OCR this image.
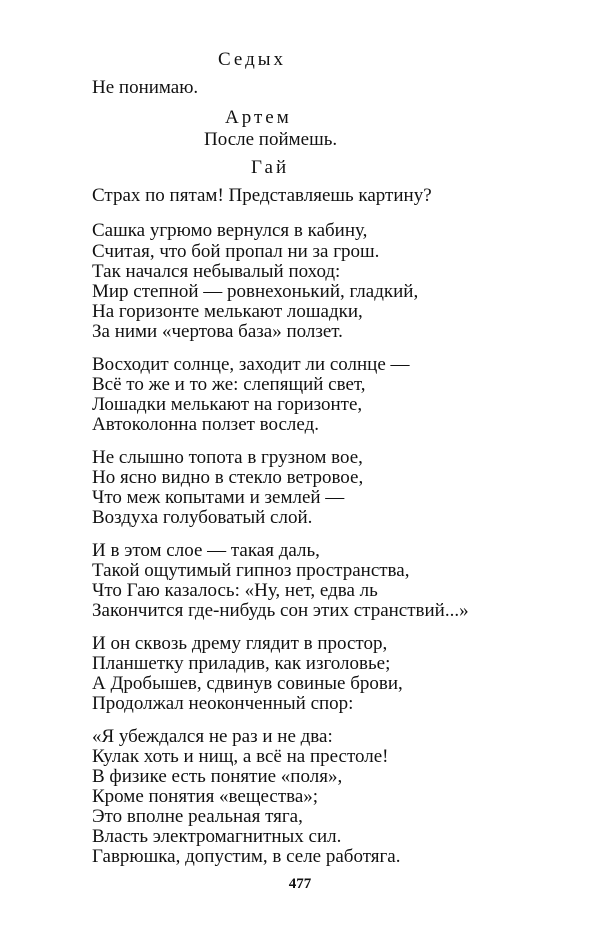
Седых
Не понимаю.
Артем
После поймешь.
Гай
Страх по пятам! Представляешь картину?
Сашка угрюмо вернулся в кабину,
Считая, что бой пропал ни за грош.
Так начался небывалый поход:
Мир степной — ровнехонький, гладкий,
На горизонте мелькают лошадки,
За ними «чертова база» ползет.
Восходит солнце, заходит ли солнце —
Всё то же и то же: слепящий свет,
Лошадки мелькают на горизонте,
Автоколонна ползет вослед.
Не слышно топота в грузном вое,
Но ясно видно в стекло ветровое,
Что меж копытами и землей —
Воздуха голубоватый слой.
И в этом слое — такая даль,
Такой ощутимый гипноз пространства,
Что Гаю казалось: «Ну, нет, едва ль
Закончится где-нибудь сон этих странствий...»
И он сквозь дрему глядит в простор,
Планшетку приладив, как изголовье;
А Дробышев, сдвинув совиные брови,
Продолжал неоконченный спор:
«Я убеждался не раз и не два:
Кулак хоть и нищ, а всё на престоле!
В физике есть понятие «поля»,
Кроме понятия «вещества»;
Это вполне реальная тяга,
Власть электромагнитных сил.
Гаврюшка, допустим, в селе работяга.
477
